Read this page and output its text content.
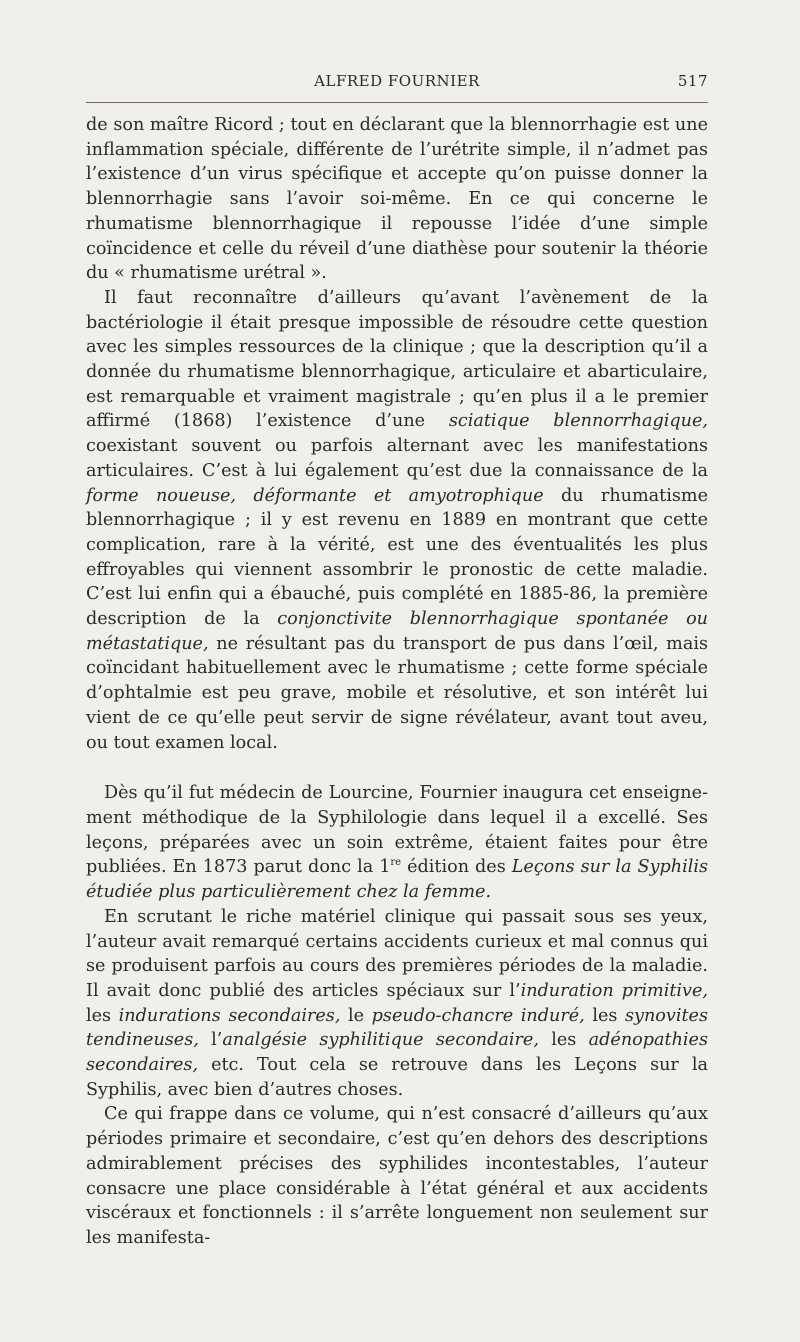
ALFRED FOURNIER	517

de son maître Ricord ; tout en déclarant que la blennorrhagie est une inflammation spéciale, différente de l’urétrite simple, il n’admet pas l’existence d’un virus spécifique et accepte qu’on puisse donner la blennorrhagie sans l’avoir soi-même. En ce qui concerne le rhumatisme blennorrhagique il repousse l’idée d’une simple coïncidence et celle du réveil d’une diathèse pour soutenir la théorie du « rhumatisme urétral ».

Il faut reconnaître d’ailleurs qu’avant l’avènement de la bactériologie il était presque impossible de résoudre cette question avec les simples ressources de la clinique ; que la description qu’il a donnée du rhumatisme blennorrhagique, articulaire et abarticulaire, est remarquable et vraiment magistrale ; qu’en plus il a le premier affirmé (1868) l’existence d’une sciatique blennorrhagique, coexistant souvent ou parfois alternant avec les manifestations articulaires. C’est à lui également qu’est due la connaissance de la forme noueuse, déformante et amyotrophique du rhumatisme blennorrhagique ; il y est revenu en 1889 en montrant que cette complication, rare à la vérité, est une des éventualités les plus effroyables qui viennent assombrir le pronostic de cette maladie. C’est lui enfin qui a ébauché, puis complété en 1885-86, la première description de la conjonctivite blennorrhagique spontanée ou métastatique, ne résultant pas du transport de pus dans l’œil, mais coïncidant habituellement avec le rhumatisme ; cette forme spéciale d’ophtalmie est peu grave, mobile et résolutive, et son intérêt lui vient de ce qu’elle peut servir de signe révélateur, avant tout aveu, ou tout examen local.

Dès qu’il fut médecin de Lourcine, Fournier inaugura cet enseignement méthodique de la Syphilologie dans lequel il a excellé. Ses leçons, préparées avec un soin extrême, étaient faites pour être publiées. En 1873 parut donc la 1re édition des Leçons sur la Syphilis étudiée plus particulièrement chez la femme.

En scrutant le riche matériel clinique qui passait sous ses yeux, l’auteur avait remarqué certains accidents curieux et mal connus qui se produisent parfois au cours des premières périodes de la maladie. Il avait donc publié des articles spéciaux sur l’induration primitive, les indurations secondaires, le pseudo-chancre induré, les synovites tendineuses, l’analgésie syphilitique secondaire, les adénopathies secondaires, etc. Tout cela se retrouve dans les Leçons sur la Syphilis, avec bien d’autres choses.

Ce qui frappe dans ce volume, qui n’est consacré d’ailleurs qu’aux périodes primaire et secondaire, c’est qu’en dehors des descriptions admirablement précises des syphilides incontestables, l’auteur consacre une place considérable à l’état général et aux accidents viscéraux et fonctionnels : il s’arrête longuement non seulement sur les manifesta-
